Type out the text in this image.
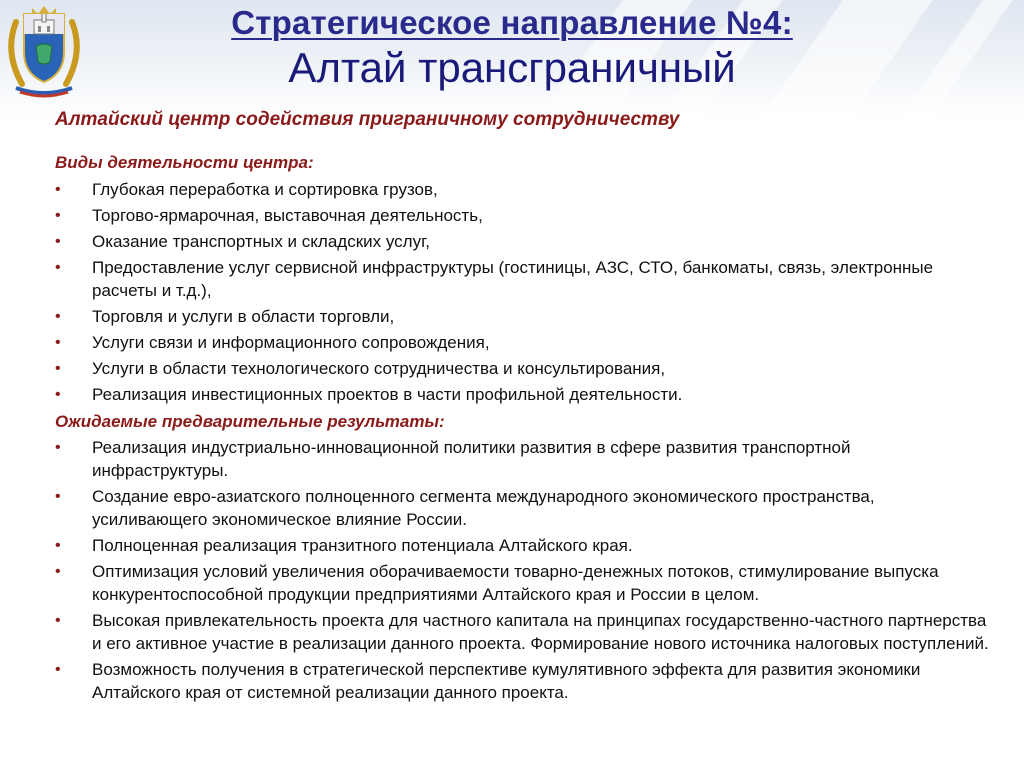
Стратегическое направление №4:
Алтай трансграничный
Алтайский центр содействия приграничному сотрудничеству
Виды деятельности центра:
• Глубокая переработка и сортировка грузов,
• Торгово-ярмарочная, выставочная деятельность,
• Оказание транспортных и складских услуг,
• Предоставление услуг сервисной инфраструктуры (гостиницы, АЗС, СТО, банкоматы, связь, электронные расчеты и т.д.),
• Торговля и услуги в области торговли,
• Услуги связи и информационного сопровождения,
• Услуги в области технологического сотрудничества и консультирования,
• Реализация инвестиционных проектов в части профильной деятельности.
Ожидаемые предварительные результаты:
• Реализация индустриально-инновационной политики развития в сфере развития транспортной инфраструктуры.
• Создание евро-азиатского полноценного сегмента международного экономического пространства, усиливающего экономическое влияние России.
• Полноценная реализация транзитного потенциала Алтайского края.
• Оптимизация условий увеличения оборачиваемости товарно-денежных потоков, стимулирование выпуска конкурентоспособной продукции предприятиями Алтайского края и России в целом.
• Высокая привлекательность проекта для частного капитала на принципах государственно-частного партнерства и его активное участие в реализации данного проекта. Формирование нового источника налоговых поступлений.
• Возможность получения в стратегической перспективе кумулятивного эффекта для развития экономики Алтайского края от системной реализации данного проекта.
